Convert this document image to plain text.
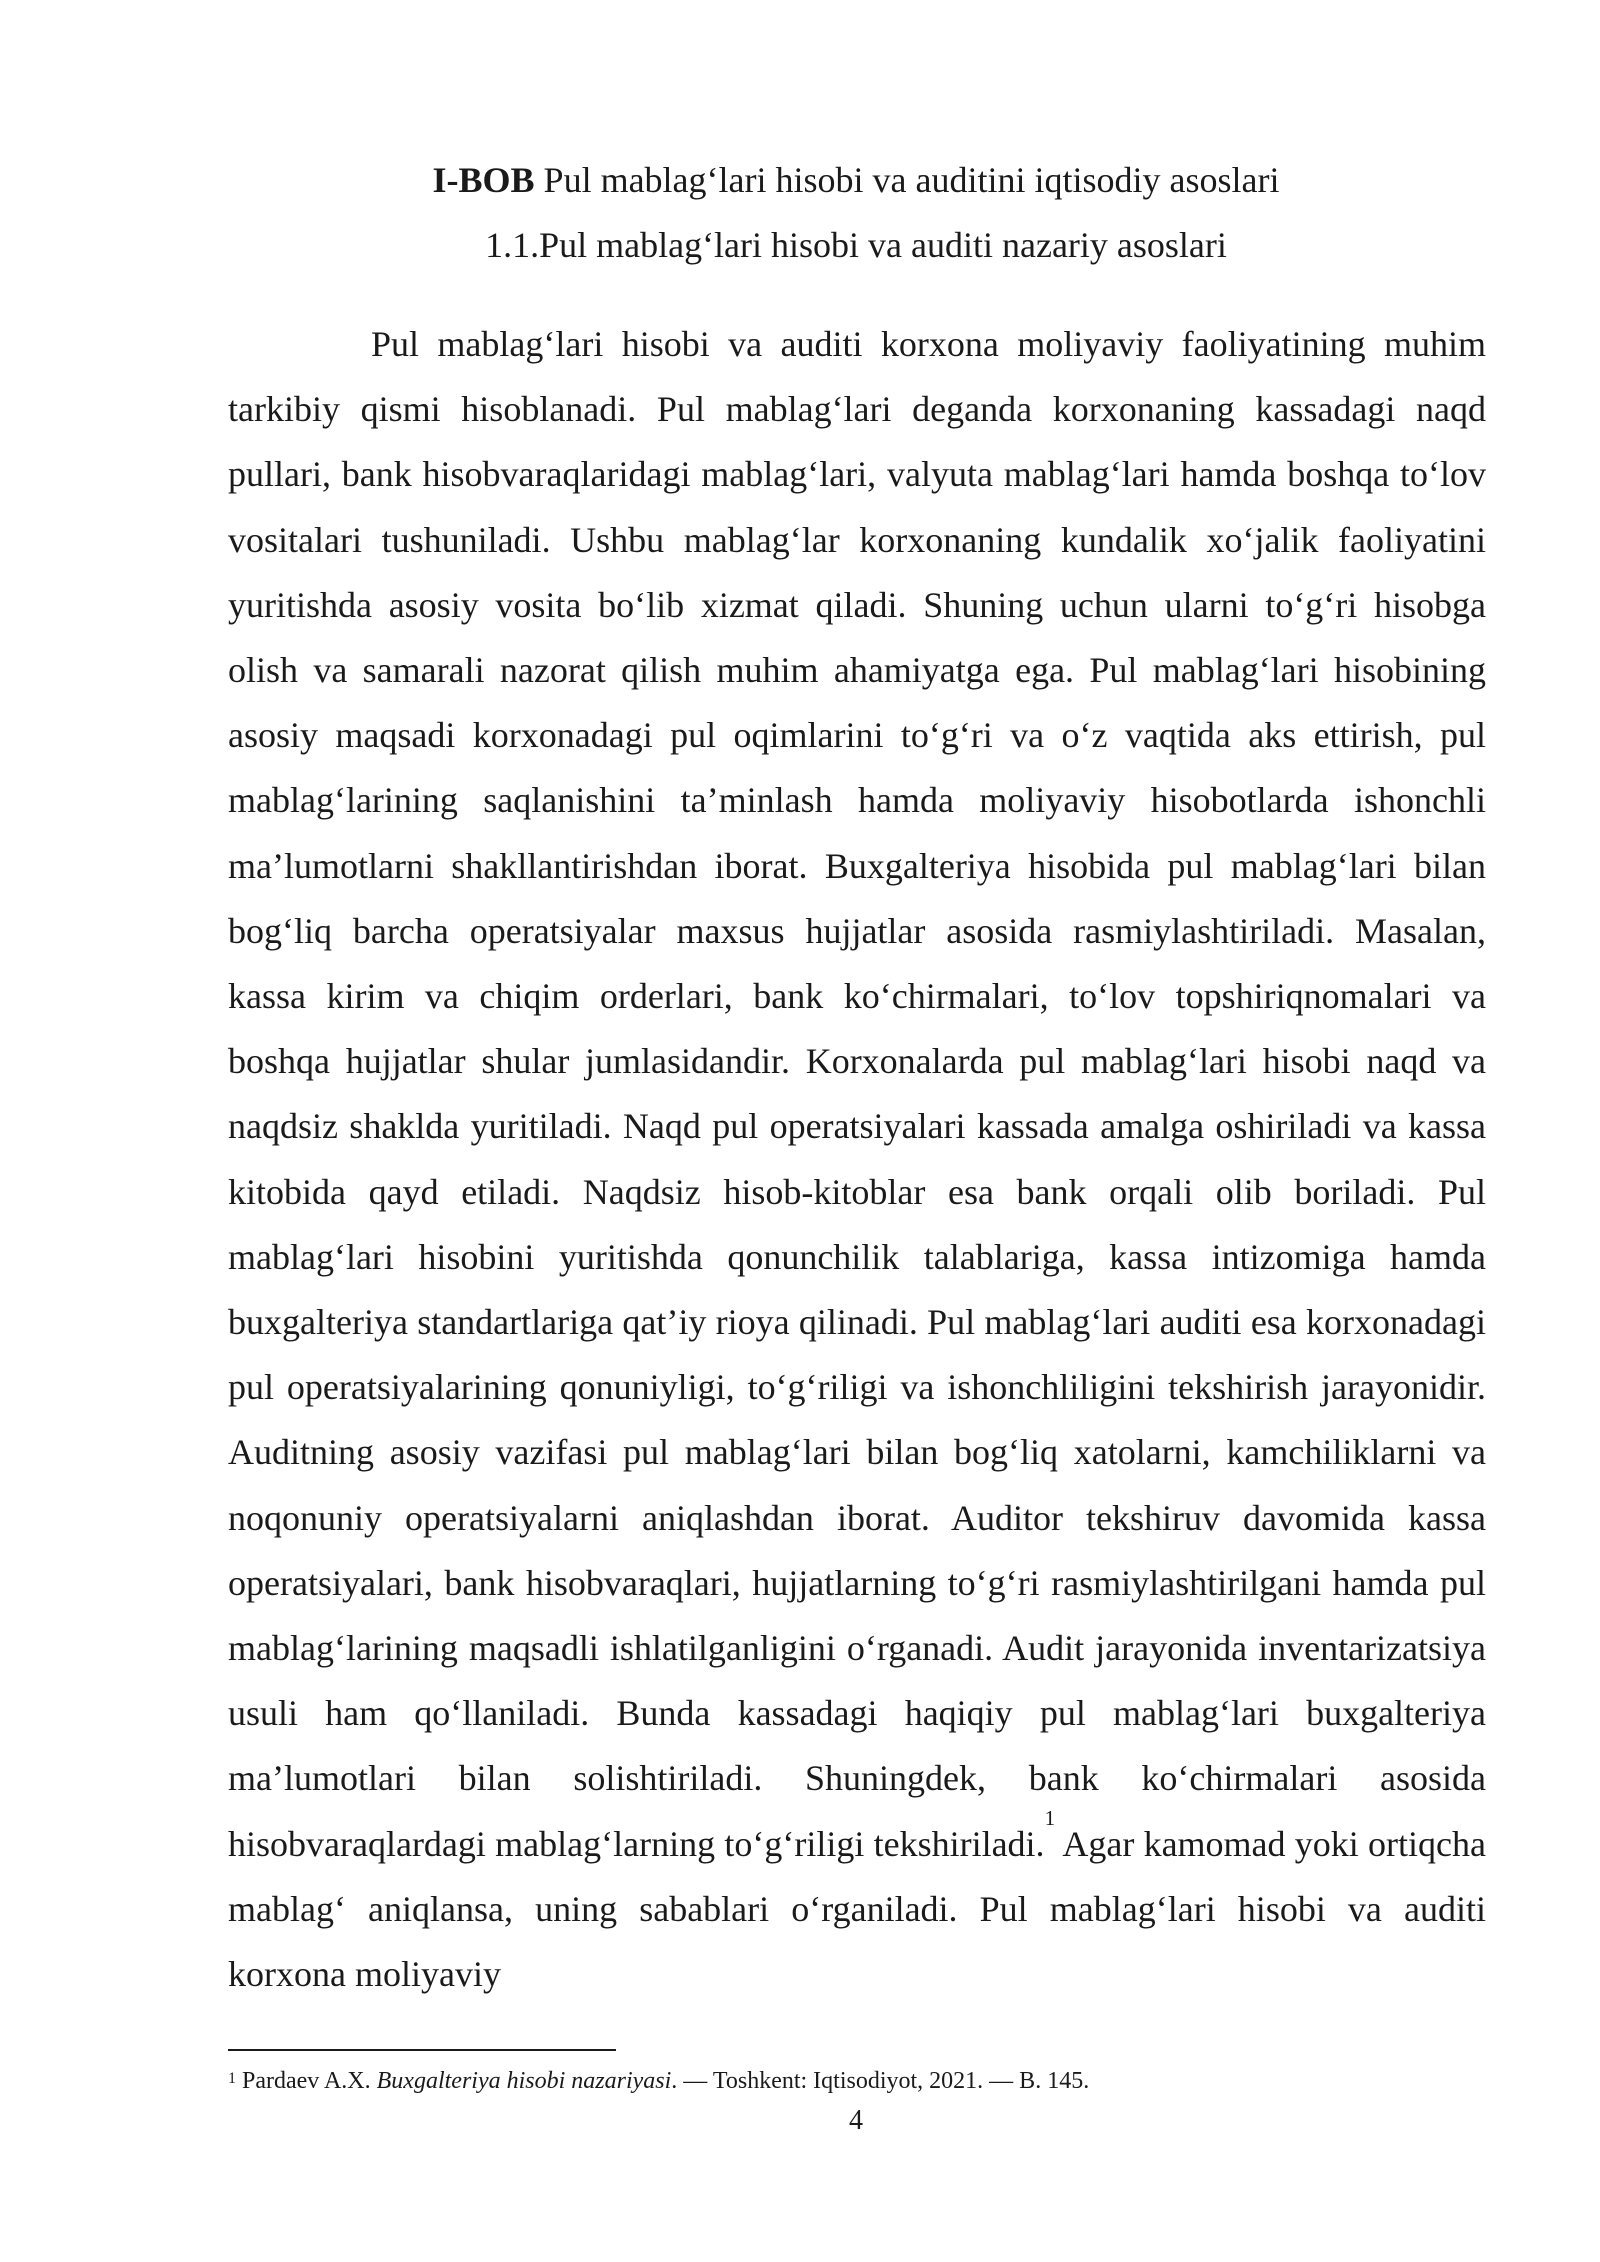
I-BOB Pul mablag‘lari hisobi va auditini iqtisodiy asoslari

1.1.Pul mablag‘lari hisobi va auditi nazariy asoslari

Pul mablag‘lari hisobi va auditi korxona moliyaviy faoliyatining muhim tarkibiy qismi hisoblanadi. Pul mablag‘lari deganda korxonaning kassadagi naqd pullari, bank hisobvaraqlaridagi mablag‘lari, valyuta mablag‘lari hamda boshqa to‘lov vositalari tushuniladi. Ushbu mablag‘lar korxonaning kundalik xo‘jalik faoliyatini yuritishda asosiy vosita bo‘lib xizmat qiladi. Shuning uchun ularni to‘g‘ri hisobga olish va samarali nazorat qilish muhim ahamiyatga ega. Pul mablag‘lari hisobining asosiy maqsadi korxonadagi pul oqimlarini to‘g‘ri va o‘z vaqtida aks ettirish, pul mablag‘larining saqlanishini ta’minlash hamda moliyaviy hisobotlarda ishonchli ma’lumotlarni shakllantirishdan iborat. Buxgalteriya hisobida pul mablag‘lari bilan bog‘liq barcha operatsiyalar maxsus hujjatlar asosida rasmiylashtiriladi. Masalan, kassa kirim va chiqim orderlari, bank ko‘chirmalari, to‘lov topshiriqnomalari va boshqa hujjatlar shular jumlasidandir. Korxonalarda pul mablag‘lari hisobi naqd va naqdsiz shaklda yuritiladi. Naqd pul operatsiyalari kassada amalga oshiriladi va kassa kitobida qayd etiladi. Naqdsiz hisob-kitoblar esa bank orqali olib boriladi. Pul mablag‘lari hisobini yuritishda qonunchilik talablariga, kassa intizomiga hamda buxgalteriya standartlariga qat’iy rioya qilinadi. Pul mablag‘lari auditi esa korxonadagi pul operatsiyalarining qonuniyligi, to‘g‘riligi va ishonchliligini tekshirish jarayonidir. Auditning asosiy vazifasi pul mablag‘lari bilan bog‘liq xatolarni, kamchiliklarni va noqonuniy operatsiyalarni aniqlashdan iborat. Auditor tekshiruv davomida kassa operatsiyalari, bank hisobvaraqlari, hujjatlarning to‘g‘ri rasmiylashtirilgani hamda pul mablag‘larining maqsadli ishlatilganligini o‘rganadi. Audit jarayonida inventarizatsiya usuli ham qo‘llaniladi. Bunda kassadagi haqiqiy pul mablag‘lari buxgalteriya ma’lumotlari bilan solishtiriladi. Shuningdek, bank ko‘chirmalari asosida hisobvaraqlardagi mablag‘larning to‘g‘riligi tekshiriladi.$^1$ Agar kamomad yoki ortiqcha mablag‘ aniqlansa, uning sabablari o‘rganiladi. Pul mablag‘lari hisobi va auditi korxona moliyaviy

$^1$ Pardaev A.X. Buxgalteriya hisobi nazariyasi. — Toshkent: Iqtisodiyot, 2021. — B. 145.
4
